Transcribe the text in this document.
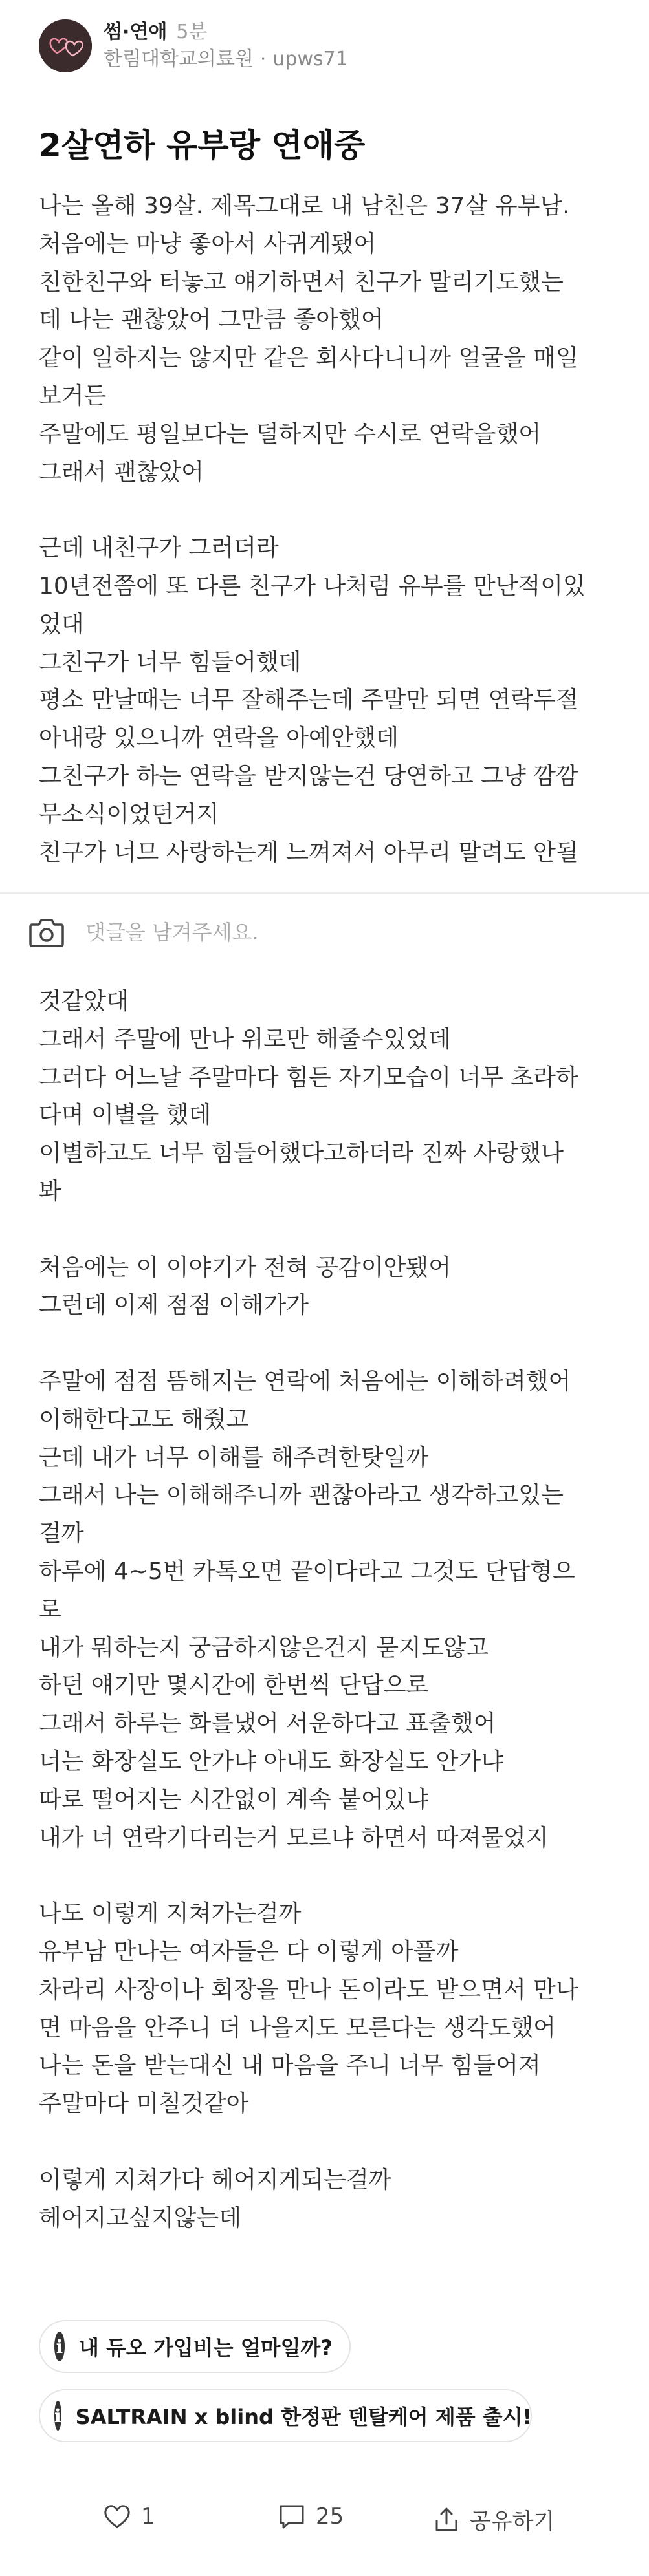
썸·연애 5분
한림대학교의료원 · upws71
2살연하 유부랑 연애중

나는 올해 39살. 제목그대로 내 남친은 37살 유부남.

처음에는 마냥 좋아서 사귀게됐어

친한친구와 터놓고 얘기하면서 친구가 말리기도했는

데 나는 괜찮았어 그만큼 좋아했어

같이 일하지는 않지만 같은 회사다니니까 얼굴을 매일

보거든

주말에도 평일보다는 덜하지만 수시로 연락을했어

그래서 괜찮았어

근데 내친구가 그러더라

10년전쯤에 또 다른 친구가 나처럼 유부를 만난적이있

었대

그친구가 너무 힘들어했데

평소 만날때는 너무 잘해주는데 주말만 되면 연락두절

아내랑 있으니까 연락을 아예안했데

그친구가 하는 연락을 받지않는건 당연하고 그냥 깜깜

무소식이었던거지

친구가 너므 사랑하는게 느껴져서 아무리 말려도 안될

댓글을 남겨주세요.

것같았대

그래서 주말에 만나 위로만 해줄수있었데

그러다 어느날 주말마다 힘든 자기모습이 너무 초라하

다며 이별을 했데

이별하고도 너무 힘들어했다고하더라 진짜 사랑했나

봐

처음에는 이 이야기가 전혀 공감이안됐어

그런데 이제 점점 이해가가

주말에 점점 뜸해지는 연락에 처음에는 이해하려했어

이해한다고도 해줬고

근데 내가 너무 이해를 해주려한탓일까

그래서 나는 이해해주니까 괜찮아라고 생각하고있는

걸까

하루에 4~5번 카톡오면 끝이다라고 그것도 단답형으

로

내가 뭐하는지 궁금하지않은건지 묻지도않고

하던 얘기만 몇시간에 한번씩 단답으로

그래서 하루는 화를냈어 서운하다고 표출했어

너는 화장실도 안가냐 아내도 화장실도 안가냐

따로 떨어지는 시간없이 계속 붙어있냐

내가 너 연락기다리는거 모르냐 하면서 따져물었지

나도 이렇게 지쳐가는걸까

유부남 만나는 여자들은 다 이렇게 아플까

차라리 사장이나 회장을 만나 돈이라도 받으면서 만나

면 마음을 안주니 더 나을지도 모른다는 생각도했어

나는 돈을 받는대신 내 마음을 주니 너무 힘들어져

주말마다 미칠것같아

이렇게 지쳐가다 헤어지게되는걸까

헤어지고싶지않는데

i 내 듀오 가입비는 얼마일까?
i SALTRAIN x blind 한정판 덴탈케어 제품 출시!
1	25	공유하기
